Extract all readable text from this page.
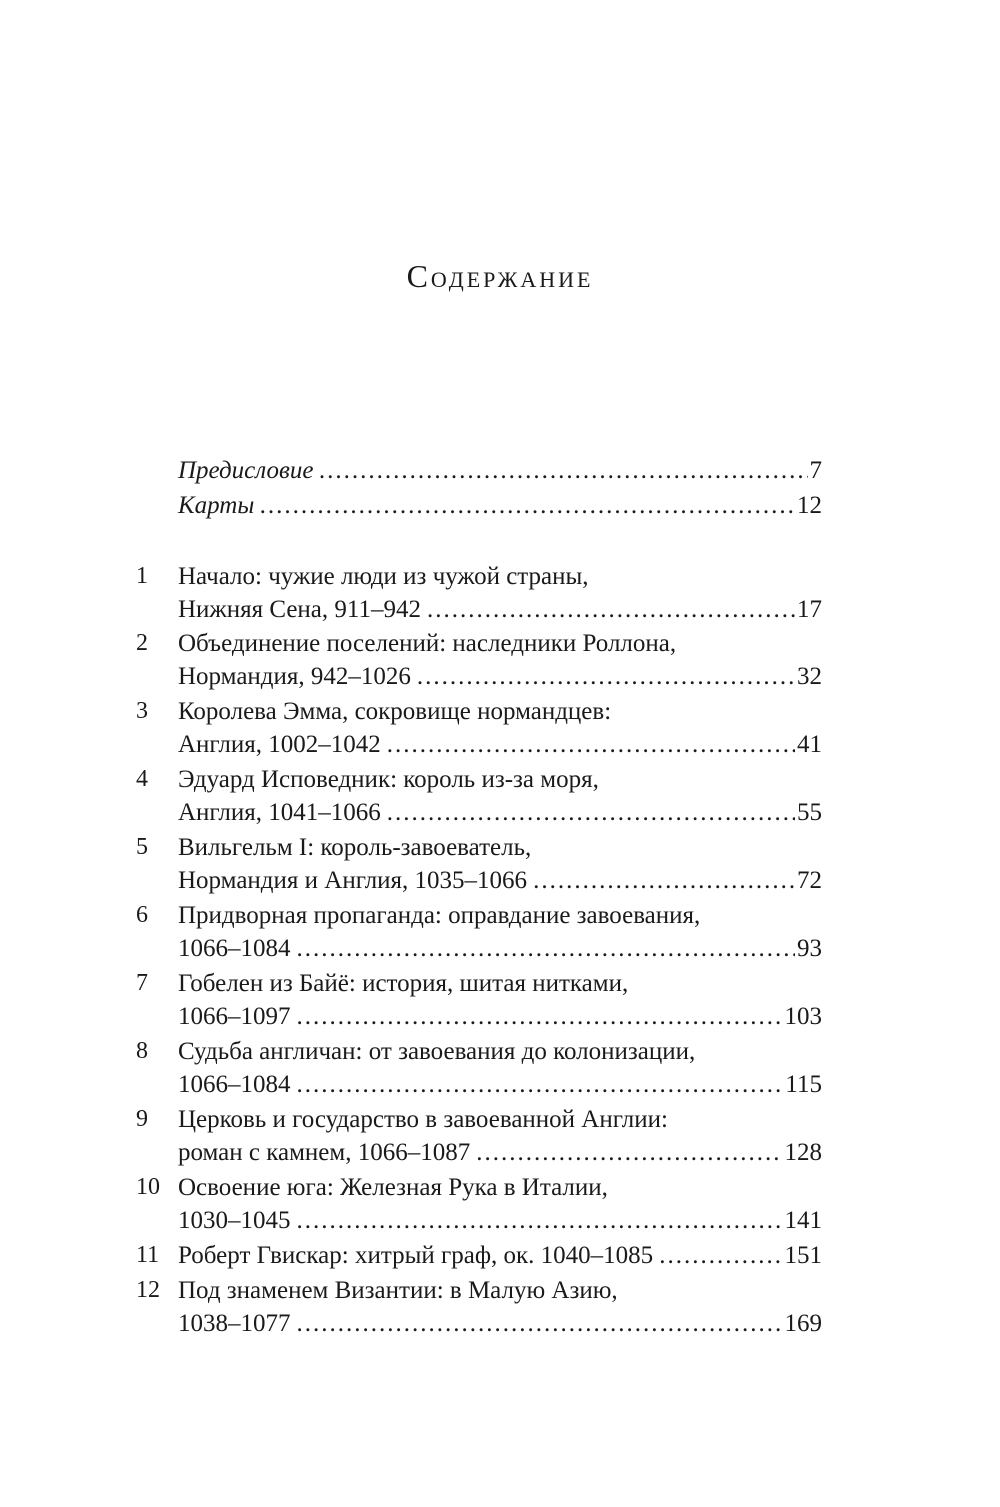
Содержание
Предисловие .....	7
Карты .....	12
1 Начало: чужие люди из чужой страны,
Нижняя Сена, 911–942 .....	17
2 Объединение поселений: наследники Роллона,
Нормандия, 942–1026 .....	32
3 Королева Эмма, сокровище нормандцев:
Англия, 1002–1042 .....	41
4 Эдуард Исповедник: король из-за моря,
Англия, 1041–1066 .....	55
5 Вильгельм I: король-завоеватель,
Нормандия и Англия, 1035–1066 .....	72
6 Придворная пропаганда: оправдание завоевания,
1066–1084 .....	93
7 Гобелен из Байё: история, шитая нитками,
1066–1097 .....	103
8 Судьба англичан: от завоевания до колонизации,
1066–1084 .....	115
9 Церковь и государство в завоеванной Англии:
роман с камнем, 1066–1087 .....	128
10 Освоение юга: Железная Рука в Италии,
1030–1045 .....	141
11 Роберт Гвискар: хитрый граф, ок. 1040–1085 .....	151
12 Под знаменем Византии: в Малую Азию,
1038–1077 .....	169
